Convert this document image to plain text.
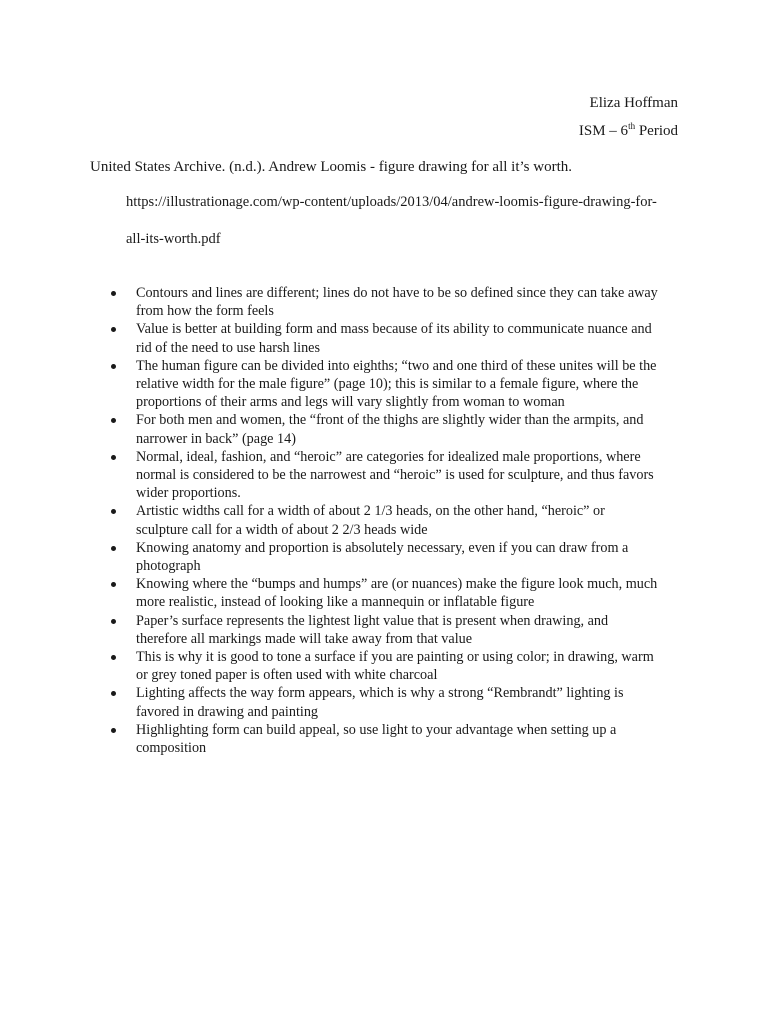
Eliza Hoffman
ISM – 6th Period
United States Archive. (n.d.). Andrew Loomis - figure drawing for all it’s worth.
https://illustrationage.com/wp-content/uploads/2013/04/andrew-loomis-figure-drawing-for-
all-its-worth.pdf
Contours and lines are different; lines do not have to be so defined since they can take away from how the form feels
Value is better at building form and mass because of its ability to communicate nuance and rid of the need to use harsh lines
The human figure can be divided into eighths; “two and one third of these unites will be the relative width for the male figure” (page 10); this is similar to a female figure, where the proportions of their arms and legs will vary slightly from woman to woman
For both men and women, the “front of the thighs are slightly wider than the armpits, and narrower in back” (page 14)
Normal, ideal, fashion, and “heroic” are categories for idealized male proportions, where normal is considered to be the narrowest and “heroic” is used for sculpture, and thus favors wider proportions.
Artistic widths call for a width of about 2 1/3 heads, on the other hand, “heroic” or sculpture call for a width of about 2 2/3 heads wide
Knowing anatomy and proportion is absolutely necessary, even if you can draw from a photograph
Knowing where the “bumps and humps” are (or nuances) make the figure look much, much more realistic, instead of looking like a mannequin or inflatable figure
Paper’s surface represents the lightest light value that is present when drawing, and therefore all markings made will take away from that value
This is why it is good to tone a surface if you are painting or using color; in drawing, warm or grey toned paper is often used with white charcoal
Lighting affects the way form appears, which is why a strong “Rembrandt” lighting is favored in drawing and painting
Highlighting form can build appeal, so use light to your advantage when setting up a composition
